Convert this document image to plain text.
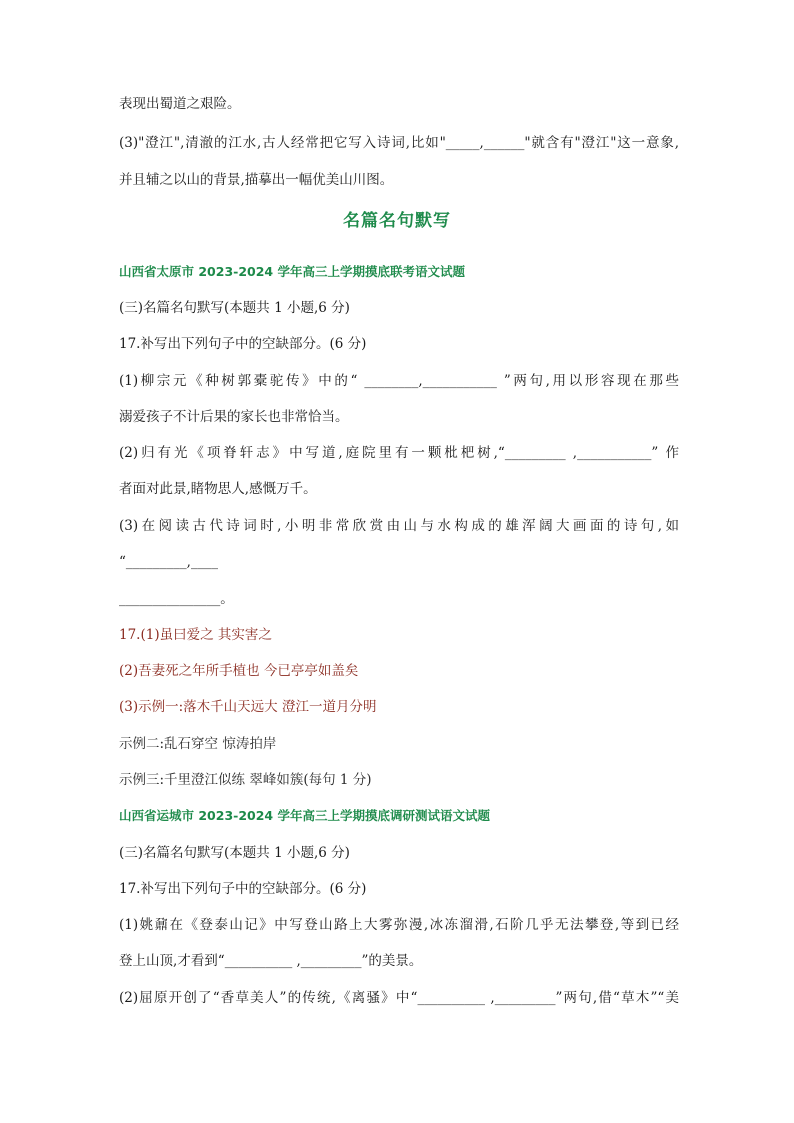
表现出蜀道之艰险。
(3)"澄江",清澈的江水,古人经常把它写入诗词,比如"_____,______"就含有"澄江"这一意象,
并且辅之以山的背景,描摹出一幅优美山川图。
名篇名句默写
山西省太原市 2023-2024 学年高三上学期摸底联考语文试题
(三)名篇名句默写(本题共 1 小题,6 分)
17.补写出下列句子中的空缺部分。(6 分)
(1)柳宗元《种树郭橐驼传》中的“ ________,___________ ”两句,用以形容现在那些
溺爱孩子不计后果的家长也非常恰当。
(2)归有光《项脊轩志》中写道,庭院里有一颗枇杷树,“_________ ,___________” 作
者面对此景,睹物思人,感慨万千。
(3)在阅读古代诗词时,小明非常欣赏由山与水构成的雄浑阔大画面的诗句,如
“_________,____
_______________。
17.(1)虽曰爱之 其实害之
(2)吾妻死之年所手植也 今已亭亭如盖矣
(3)示例一:落木千山天远大 澄江一道月分明
示例二:乱石穿空 惊涛拍岸
示例三:千里澄江似练 翠峰如簇(每句 1 分)
山西省运城市 2023-2024 学年高三上学期摸底调研测试语文试题
(三)名篇名句默写(本题共 1 小题,6 分)
17.补写出下列句子中的空缺部分。(6 分)
(1)姚鼐在《登泰山记》中写登山路上大雾弥漫,冰冻溜滑,石阶几乎无法攀登,等到已经
登上山顶,才看到“__________ ,_________”的美景。
(2)屈原开创了“香草美人”的传统,《离骚》中“__________ ,_________”两句,借“草木”“美
